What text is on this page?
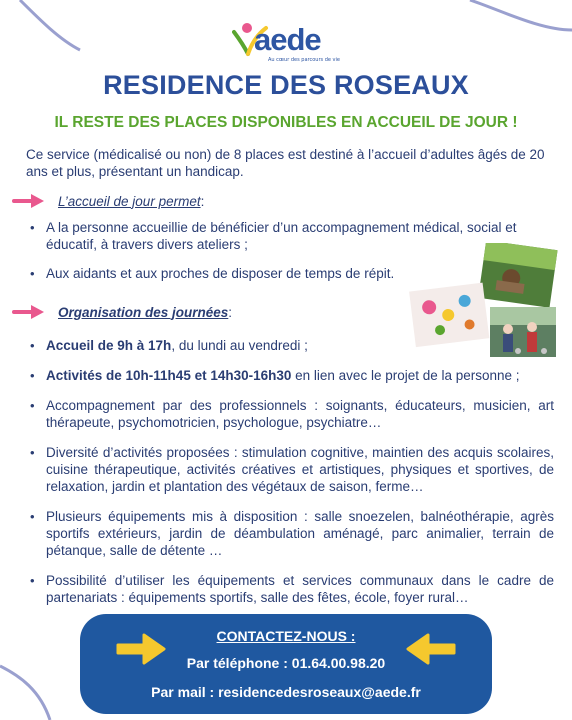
aede
Au cœur des parcours de vie
RESIDENCE DES ROSEAUX
IL RESTE DES PLACES DISPONIBLES EN ACCUEIL DE JOUR !
Ce service (médicalisé ou non) de 8 places est destiné à l’accueil d’adultes âgés de 20 ans et plus, présentant un handicap.
L’accueil de jour permet :
• A la personne accueillie de bénéficier d’un accompagnement médical, social et éducatif, à travers divers ateliers ;
• Aux aidants et aux proches de disposer de temps de répit.
Organisation des journées :
• Accueil de 9h à 17h, du lundi au vendredi ;
• Activités de 10h-11h45 et 14h30-16h30 en lien avec le projet de la personne ;
• Accompagnement par des professionnels : soignants, éducateurs, musicien, art thérapeute, psychomotricien, psychologue, psychiatre…
• Diversité d’activités proposées : stimulation cognitive, maintien des acquis scolaires, cuisine thérapeutique, activités créatives et artistiques, physiques et sportives, de relaxation, jardin et plantation des végétaux de saison, ferme…
• Plusieurs équipements mis à disposition : salle snoezelen, balnéothérapie, agrès sportifs extérieurs, jardin de déambulation aménagé, parc animalier, terrain de pétanque, salle de détente …
• Possibilité d’utiliser les équipements et services communaux dans le cadre de partenariats : équipements sportifs, salle des fêtes, école, foyer rural…
CONTACTEZ-NOUS :
Par téléphone : 01.64.00.98.20
Par mail : residencedesroseaux@aede.fr
